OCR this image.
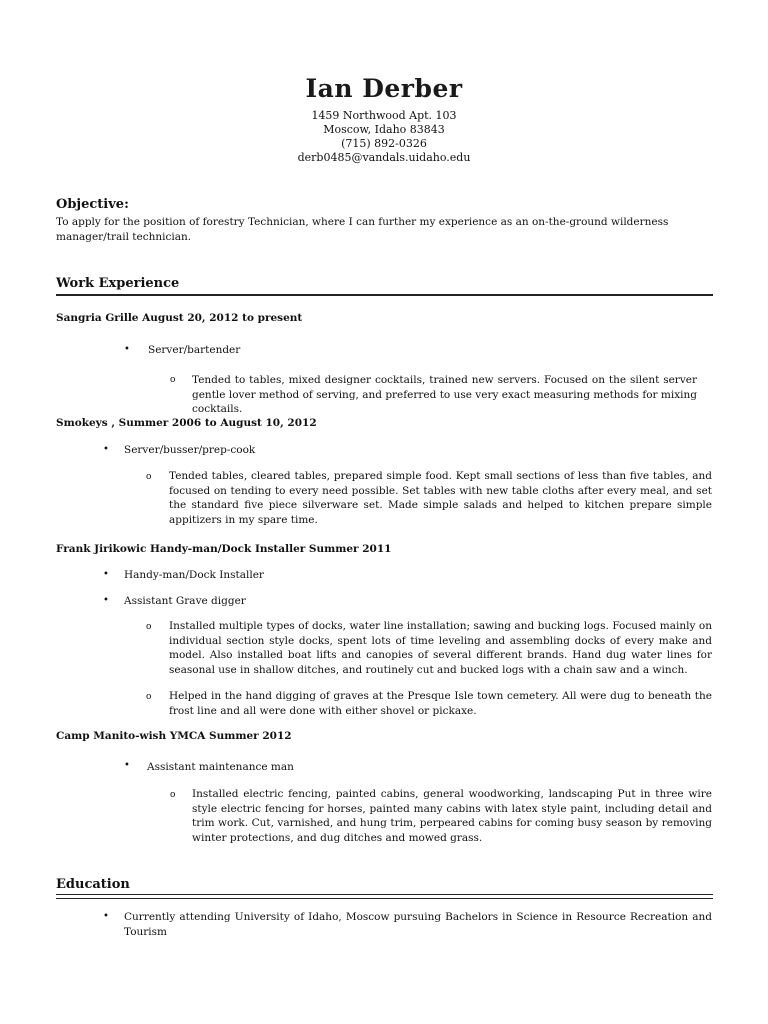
Ian Derber
1459 Northwood Apt. 103
Moscow, Idaho 83843
(715) 892-0326
derb0485@vandals.uidaho.edu
Objective:
To apply for the position of forestry Technician, where I can further my experience as an on-the-ground wilderness manager/trail technician.
Work Experience
Sangria Grille August 20, 2012 to present
• Server/bartender
o Tended to tables, mixed designer cocktails, trained new servers. Focused on the silent server gentle lover method of serving, and preferred to use very exact measuring methods for mixing cocktails.
Smokeys , Summer 2006 to August 10, 2012
• Server/busser/prep-cook
o Tended tables, cleared tables, prepared simple food. Kept small sections of less than five tables, and focused on tending to every need possible. Set tables with new table cloths after every meal, and set the standard five piece silverware set. Made simple salads and helped to kitchen prepare simple appitizers in my spare time.
Frank Jirikowic Handy-man/Dock Installer Summer 2011
• Handy-man/Dock Installer
• Assistant Grave digger
o Installed multiple types of docks, water line installation; sawing and bucking logs. Focused mainly on individual section style docks, spent lots of time leveling and assembling docks of every make and model. Also installed boat lifts and canopies of several different brands. Hand dug water lines for seasonal use in shallow ditches, and routinely cut and bucked logs with a chain saw and a winch.
o Helped in the hand digging of graves at the Presque Isle town cemetery. All were dug to beneath the frost line and all were done with either shovel or pickaxe.
Camp Manito-wish YMCA Summer 2012
• Assistant maintenance man
o Installed electric fencing, painted cabins, general woodworking, landscaping Put in three wire style electric fencing for horses, painted many cabins with latex style paint, including detail and trim work. Cut, varnished, and hung trim, perpeared cabins for coming busy season by removing winter protections, and dug ditches and mowed grass.
Education
• Currently attending University of Idaho, Moscow pursuing Bachelors in Science in Resource Recreation and Tourism
